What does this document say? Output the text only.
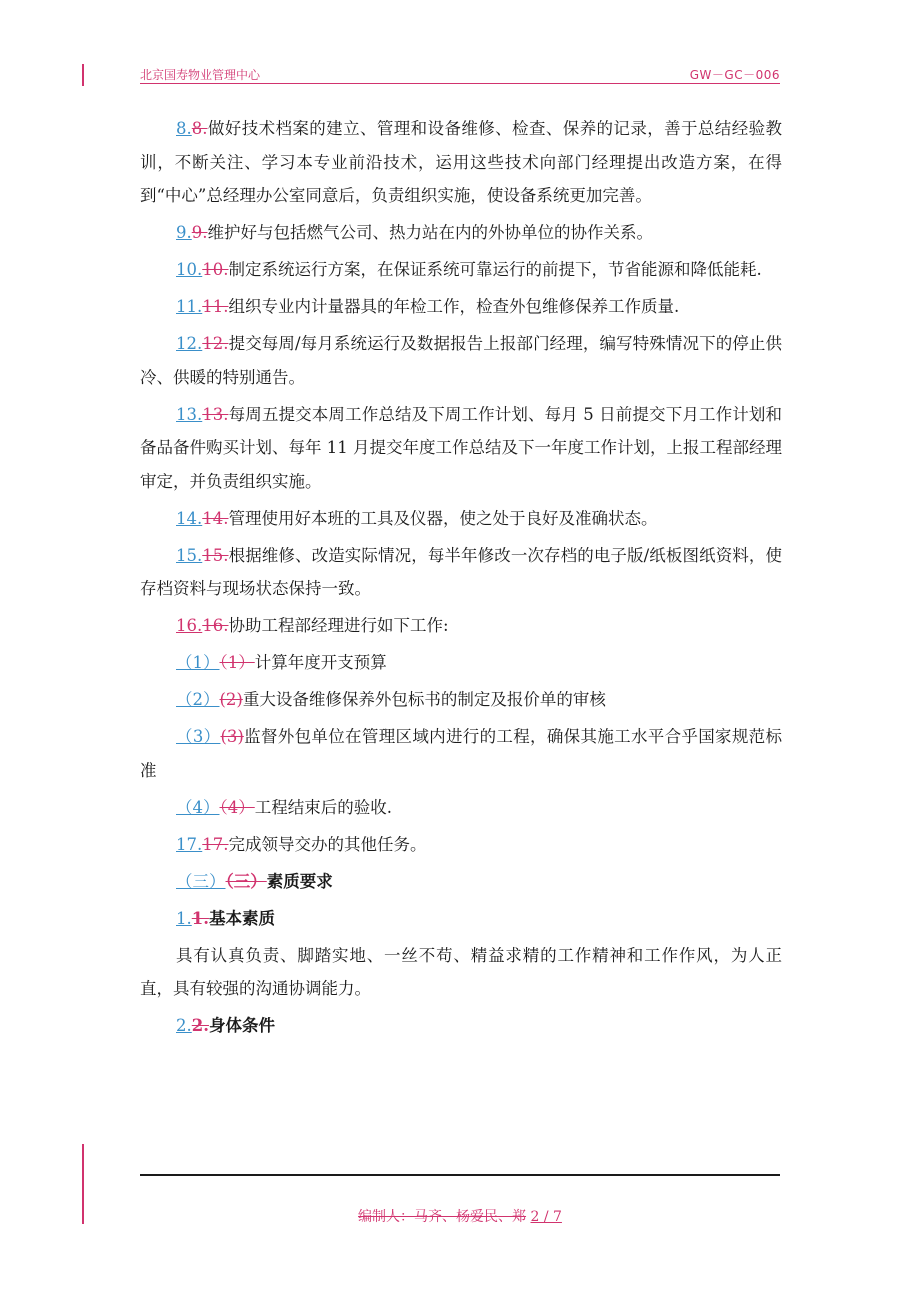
北京国寿物业管理中心	GW－GC－006

8.8.做好技术档案的建立、管理和设备维修、检查、保养的记录，善于总结经验教训，不断关注、学习本专业前沿技术，运用这些技术向部门经理提出改造方案，在得到“中心”总经理办公室同意后，负责组织实施，使设备系统更加完善。

9.9.维护好与包括燃气公司、热力站在内的外协单位的协作关系。

10.10.制定系统运行方案，在保证系统可靠运行的前提下，节省能源和降低能耗.

11.11.组织专业内计量器具的年检工作，检查外包维修保养工作质量.

12.12.提交每周/每月系统运行及数据报告上报部门经理，编写特殊情况下的停止供冷、供暖的特别通告。

13.13.每周五提交本周工作总结及下周工作计划、每月 5 日前提交下月工作计划和备品备件购买计划、每年 11 月提交年度工作总结及下一年度工作计划，上报工程部经理审定，并负责组织实施。

14.14.管理使用好本班的工具及仪器，使之处于良好及准确状态。

15.15.根据维修、改造实际情况，每半年修改一次存档的电子版/纸板图纸资料，使存档资料与现场状态保持一致。

16.16.协助工程部经理进行如下工作:

（1）（1）计算年度开支预算

（2）(2)重大设备维修保养外包标书的制定及报价单的审核

（3）(3)监督外包单位在管理区域内进行的工程，确保其施工水平合乎国家规范标准

（4）（4）工程结束后的验收.

17.17.完成领导交办的其他任务。

（三）（三）素质要求

1.1.基本素质

具有认真负责、脚踏实地、一丝不苟、精益求精的工作精神和工作作风，为人正直，具有较强的沟通协调能力。

2.2.身体条件

编制人：马齐、杨爱民、郑 2 / 7
